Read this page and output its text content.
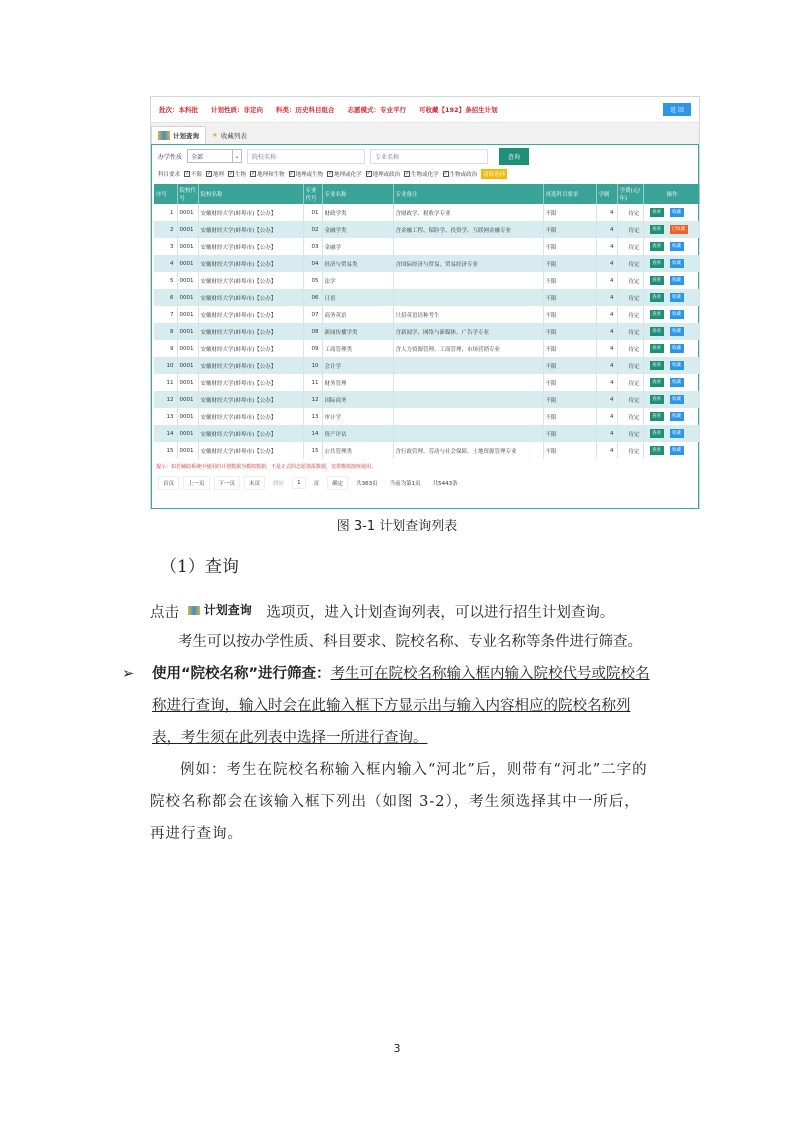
批次：本科批 计划性质：非定向 科类：历史科目组合 志愿模式：专业平行 可收藏【192】条招生计划	返 回
计划查询 ★ 收藏列表
办学性质 全部	⌄	院校名称	专业名称	查询
科目要求 ✓ 不限 ✓ 地理 ✓ 生物 ✓ 地理和生物 ✓ 地理或生物 ✓ 地理或化学 ✓ 地理或政治 ✓ 生物或化学 ✓ 生物或政治	清除选择
序号	院校代号	院校名称	专业代号	专业名称	专业备注	再选科目要求	学制	学费(元/年)	操作
1	0001	安徽财经大学(蚌埠市)【公办】	01	财政学类	含财政学、税收学专业	不限	4	待定	查看 收藏
2	0001	安徽财经大学(蚌埠市)【公办】	02	金融学类	含金融工程、保险学、投资学、互联网金融专业	不限	4	待定	查看 已收藏
3	0001	安徽财经大学(蚌埠市)【公办】	03	金融学		不限	4	待定	查看 收藏
4	0001	安徽财经大学(蚌埠市)【公办】	04	经济与贸易类	含国际经济与贸易、贸易经济专业	不限	4	待定	查看 收藏
5	0001	安徽财经大学(蚌埠市)【公办】	05	法学		不限	4	待定	查看 收藏
6	0001	安徽财经大学(蚌埠市)【公办】	06	日语		不限	4	待定	查看 收藏
7	0001	安徽财经大学(蚌埠市)【公办】	07	商务英语	只招英语语种考生	不限	4	待定	查看 收藏
8	0001	安徽财经大学(蚌埠市)【公办】	08	新闻传播学类	含新闻学、网络与新媒体、广告学专业	不限	4	待定	查看 收藏
9	0001	安徽财经大学(蚌埠市)【公办】	09	工商管理类	含人力资源管理、工商管理、市场营销专业	不限	4	待定	查看 收藏
10	0001	安徽财经大学(蚌埠市)【公办】	10	会计学		不限	4	待定	查看 收藏
11	0001	安徽财经大学(蚌埠市)【公办】	11	财务管理		不限	4	待定	查看 收藏
12	0001	安徽财经大学(蚌埠市)【公办】	12	国际商务		不限	4	待定	查看 收藏
13	0001	安徽财经大学(蚌埠市)【公办】	13	审计学		不限	4	待定	查看 收藏
14	0001	安徽财经大学(蚌埠市)【公办】	14	资产评估		不限	4	待定	查看 收藏
15	0001	安徽财经大学(蚌埠市)【公办】	15	公共管理类	含行政管理、劳动与社会保障、土地资源管理专业	不限	4	待定	查看 收藏
提示：如若辅助系统中使用的计划数据为模拟数据，不是正式的志愿填报数据，仅供模拟演练使用。
首页	上一页	下一页	末页	跳转	1	页	确定	共363页	当前为第1页	共5443条
图 3-1 计划查询列表
（1）查询
点击 $^{计划查询}$ 选项页，进入计划查询列表，可以进行招生计划查询。
考生可以按办学性质、科目要求、院校名称、专业名称等条件进行筛查。
➢ 使用“院校名称”进行筛查：考生可在院校名称输入框内输入院校代号或院校名称进行查询，输入时会在此输入框下方显示出与输入内容相应的院校名称列表，考生须在此列表中选择一所进行查询。
例如：考生在院校名称输入框内输入“河北”后，则带有“河北”二字的院校名称都会在该输入框下列出（如图 3-2），考生须选择其中一所后，再进行查询。
3
